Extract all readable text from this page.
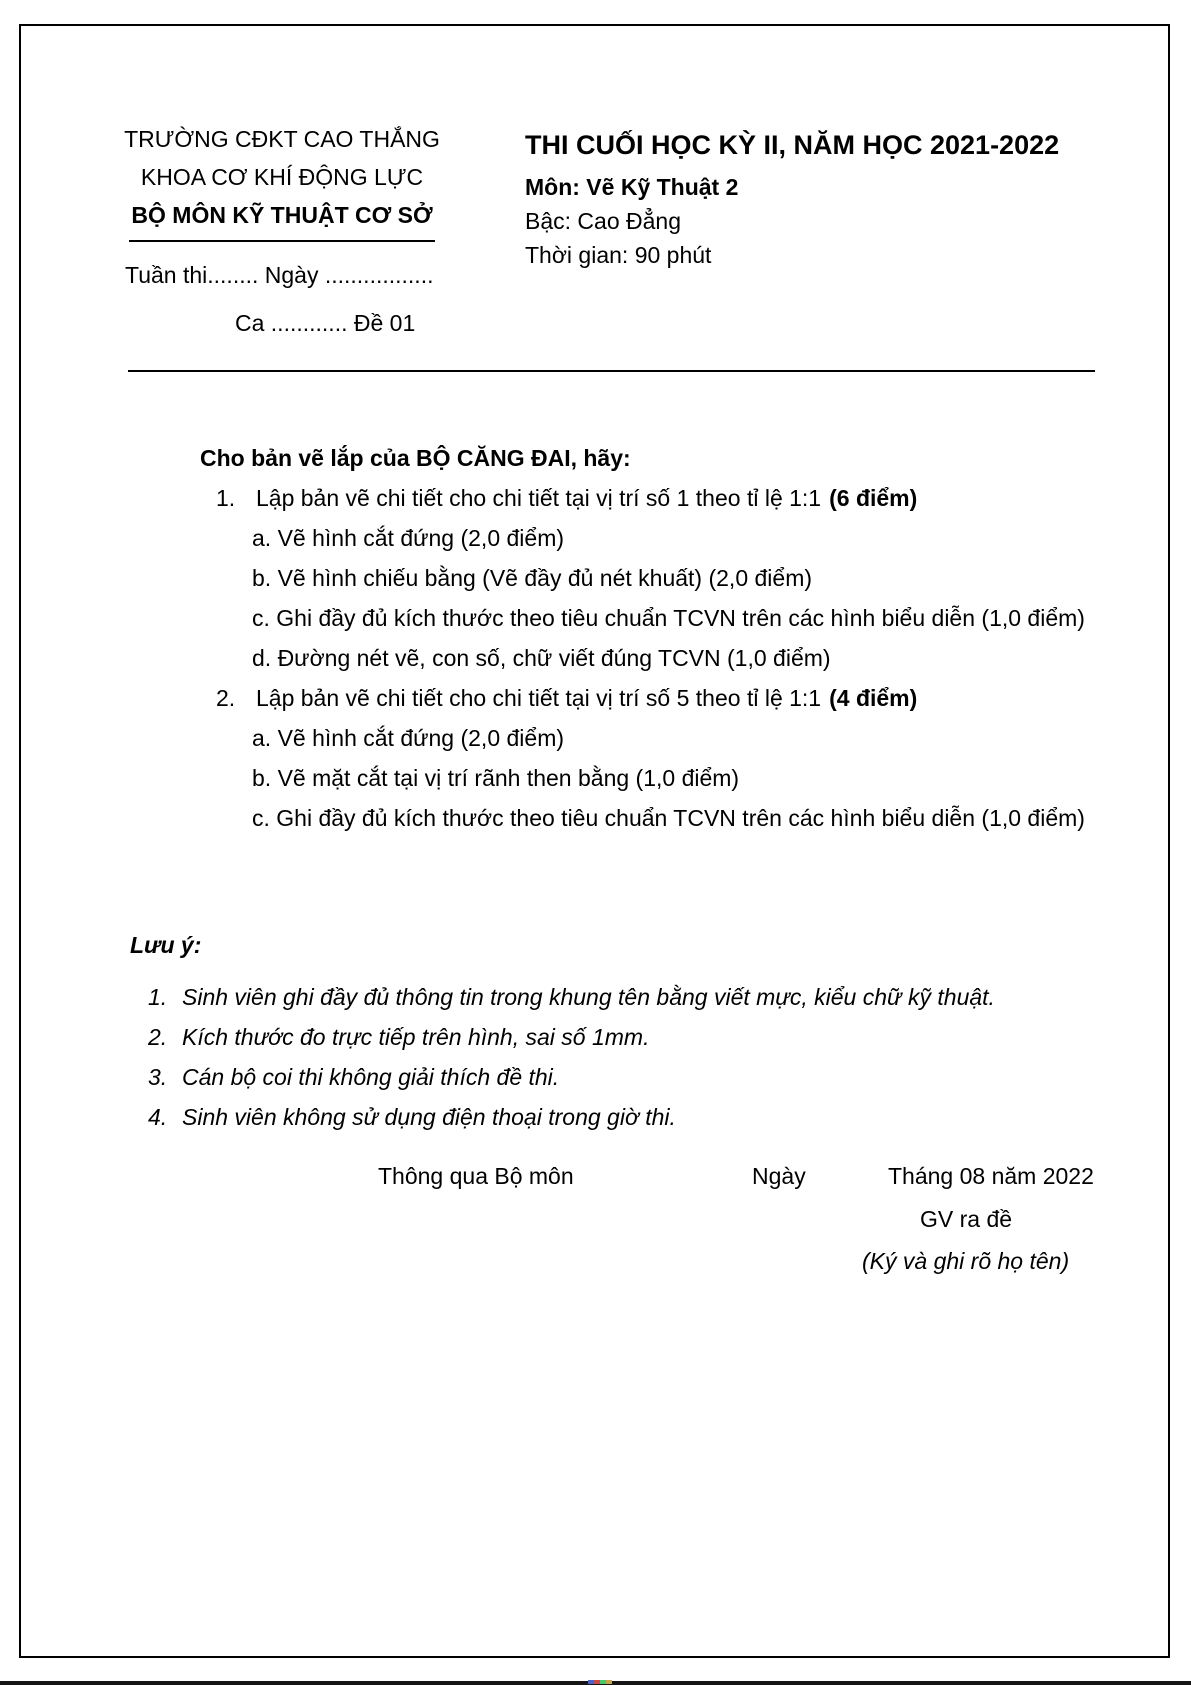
TRƯỜNG CĐKT CAO THẮNG
KHOA CƠ KHÍ ĐỘNG LỰC
BỘ MÔN KỸ THUẬT CƠ SỞ
Tuần thi........ Ngày .................
Ca ............ Đề 01
THI CUỐI HỌC KỲ II, NĂM HỌC 2021-2022
Môn: Vẽ Kỹ Thuật 2
Bậc: Cao Đẳng
Thời gian: 90 phút
Cho bản vẽ lắp của BỘ CĂNG ĐAI, hãy:
1. Lập bản vẽ chi tiết cho chi tiết tại vị trí số 1 theo tỉ lệ 1:1 (6 điểm)
a. Vẽ hình cắt đứng (2,0 điểm)
b. Vẽ hình chiếu bằng (Vẽ đầy đủ nét khuất) (2,0 điểm)
c. Ghi đầy đủ kích thước theo tiêu chuẩn TCVN trên các hình biểu diễn (1,0 điểm)
d. Đường nét vẽ, con số, chữ viết đúng TCVN (1,0 điểm)
2. Lập bản vẽ chi tiết cho chi tiết tại vị trí số 5 theo tỉ lệ 1:1 (4 điểm)
a. Vẽ hình cắt đứng (2,0 điểm)
b. Vẽ mặt cắt tại vị trí rãnh then bằng (1,0 điểm)
c. Ghi đầy đủ kích thước theo tiêu chuẩn TCVN trên các hình biểu diễn (1,0 điểm)
Lưu ý:
1. Sinh viên ghi đầy đủ thông tin trong khung tên bằng viết mực, kiểu chữ kỹ thuật.
2. Kích thước đo trực tiếp trên hình, sai số 1mm.
3. Cán bộ coi thi không giải thích đề thi.
4. Sinh viên không sử dụng điện thoại trong giờ thi.
Thông qua Bộ môn	Ngày	Tháng 08 năm 2022
GV ra đề
(Ký và ghi rõ họ tên)
